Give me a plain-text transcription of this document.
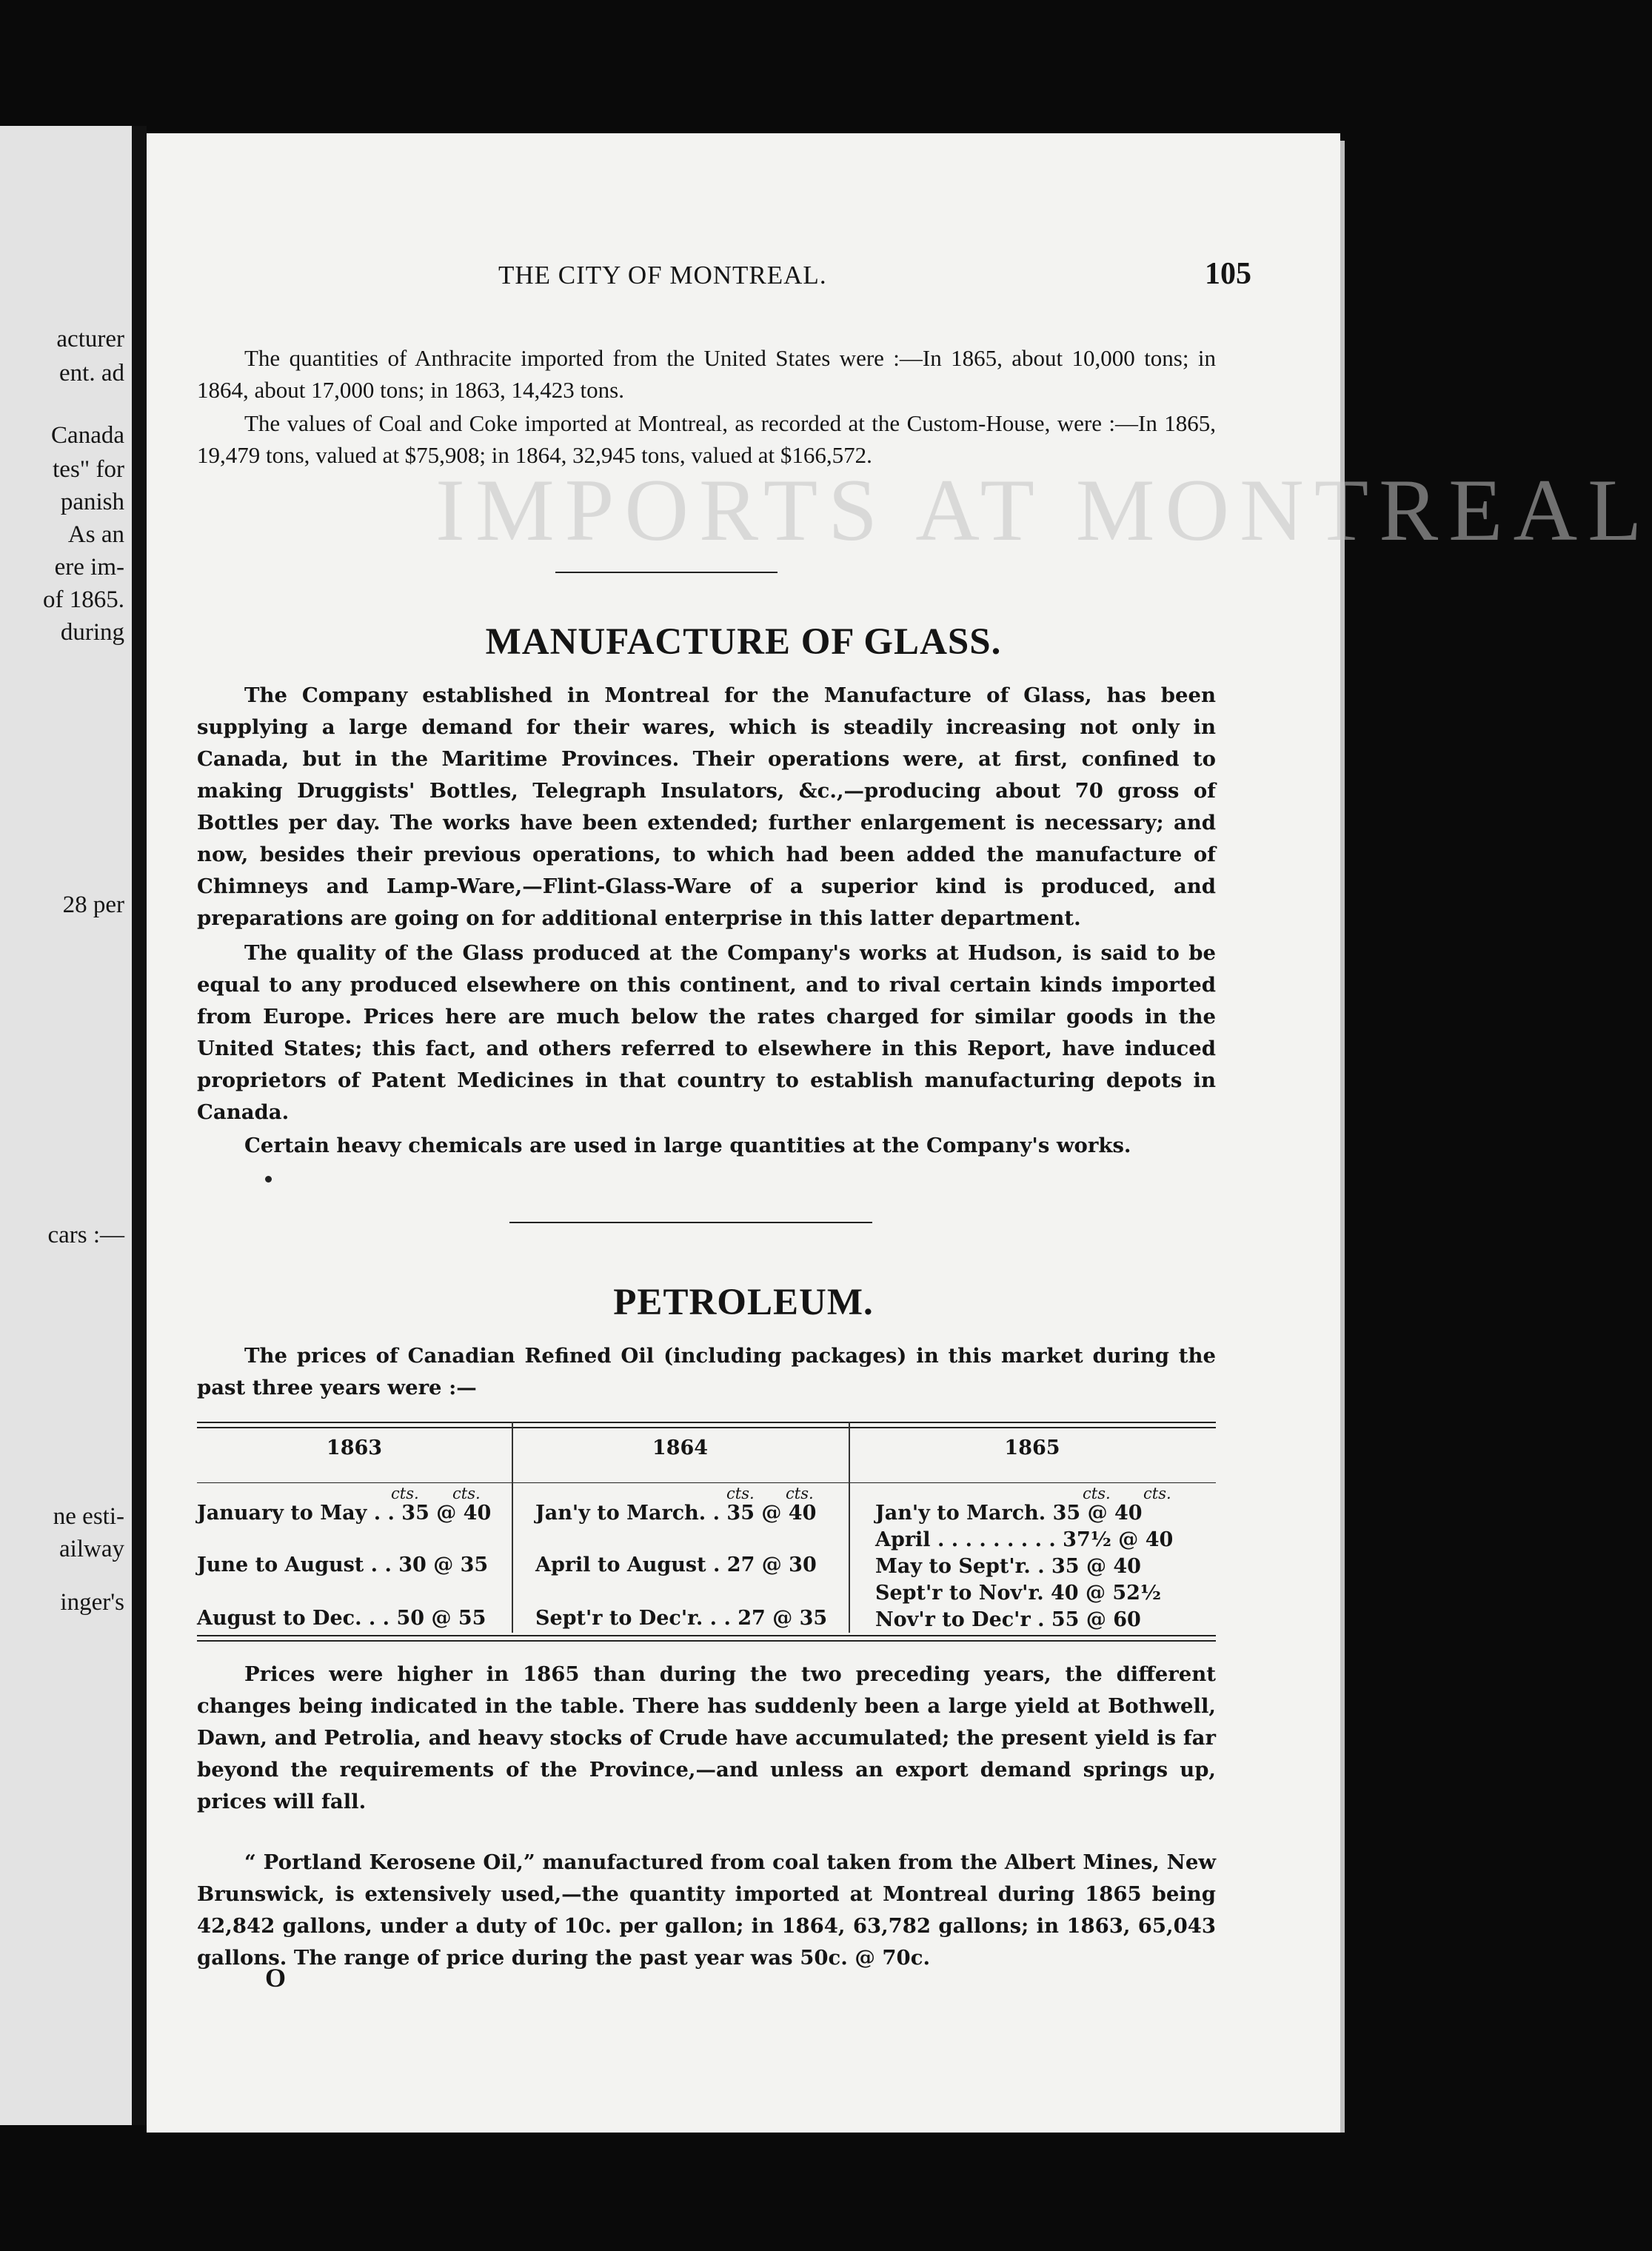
acturer
ent. ad
Canada
tes" for
panish
As an
ere im-
of 1865.
during
28 per
cars :—
ne esti-
ailway
inger's
IMPORTS AT MONTREAL
THE CITY OF MONTREAL.	105

The quantities of Anthracite imported from the United States were :—In 1865, about 10,000 tons; in 1864, about 17,000 tons; in 1863, 14,423 tons.

The values of Coal and Coke imported at Montreal, as recorded at the Custom-House, were :—In 1865, 19,479 tons, valued at $75,908; in 1864, 32,945 tons, valued at $166,572.

MANUFACTURE OF GLASS.

The Company established in Montreal for the Manufacture of Glass, has been supplying a large demand for their wares, which is steadily increasing not only in Canada, but in the Maritime Provinces. Their operations were, at first, confined to making Druggists' Bottles, Telegraph Insulators, &c.,—producing about 70 gross of Bottles per day. The works have been extended; further enlargement is necessary; and now, besides their previous operations, to which had been added the manufacture of Chimneys and Lamp-Ware,—Flint-Glass-Ware of a superior kind is produced, and preparations are going on for additional enterprise in this latter department.

The quality of the Glass produced at the Company's works at Hudson, is said to be equal to any produced elsewhere on this continent, and to rival certain kinds imported from Europe. Prices here are much below the rates charged for similar goods in the United States; this fact, and others referred to elsewhere in this Report, have induced proprietors of Patent Medicines in that country to establish manufacturing depots in Canada.

Certain heavy chemicals are used in large quantities at the Company's works.

PETROLEUM.

The prices of Canadian Refined Oil (including packages) in this market during the past three years were :—

1863
cts. cts.
January to May . . 35 @ 40
June to August . . 30 @ 35
August to Dec. . . 50 @ 55
1864
cts. cts.
Jan'y to March. . 35 @ 40
April to August . 27 @ 30
Sept'r to Dec'r. . . 27 @ 35
1865
cts. cts.
Jan'y to March. 35 @ 40
April . . . . . . . . . 37½ @ 40
May to Sept'r. . 35 @ 40
Sept'r to Nov'r. 40 @ 52½
Nov'r to Dec'r . 55 @ 60

Prices were higher in 1865 than during the two preceding years, the different changes being indicated in the table. There has suddenly been a large yield at Bothwell, Dawn, and Petrolia, and heavy stocks of Crude have accumulated; the present yield is far beyond the requirements of the Province,—and unless an export demand springs up, prices will fall.

“ Portland Kerosene Oil,” manufactured from coal taken from the Albert Mines, New Brunswick, is extensively used,—the quantity imported at Montreal during 1865 being 42,842 gallons, under a duty of 10c. per gallon; in 1864, 63,782 gallons; in 1863, 65,043 gallons. The range of price during the past year was 50c. @ 70c.

O
